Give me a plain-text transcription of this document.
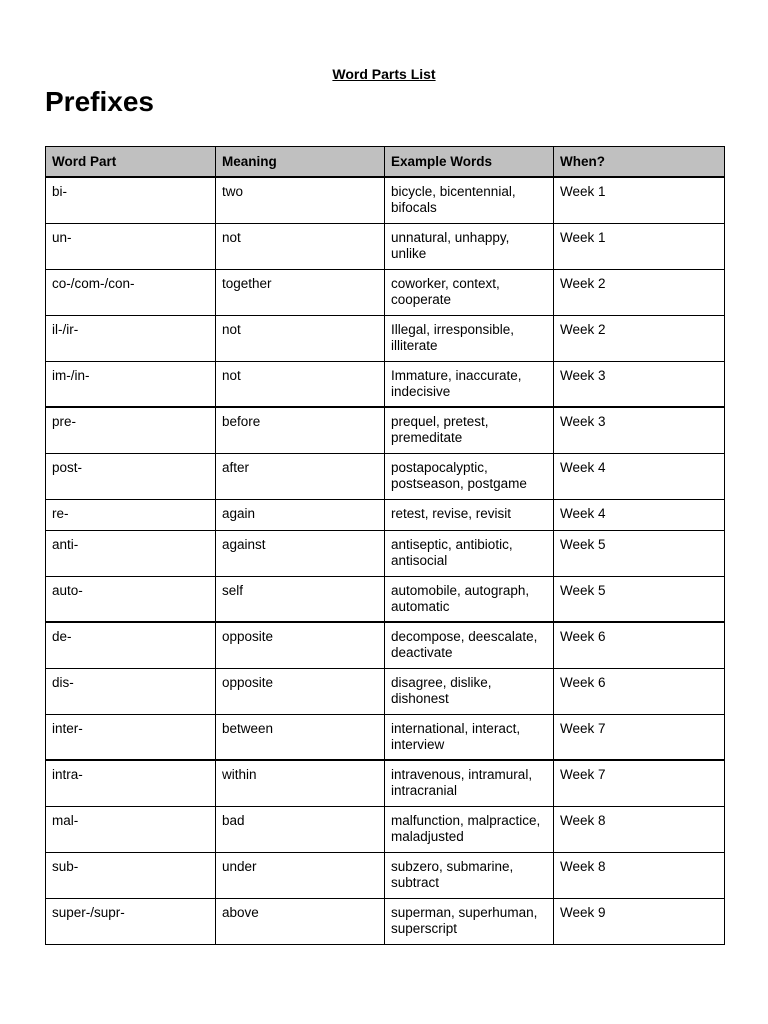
Word Parts List
Prefixes
Word Part	Meaning	Example Words	When?
bi-	two	bicycle, bicentennial, bifocals	Week 1
un-	not	unnatural, unhappy, unlike	Week 1
co-/com-/con-	together	coworker, context, cooperate	Week 2
il-/ir-	not	Illegal, irresponsible, illiterate	Week 2
im-/in-	not	Immature, inaccurate, indecisive	Week 3
pre-	before	prequel, pretest, premeditate	Week 3
post-	after	postapocalyptic, postseason, postgame	Week 4
re-	again	retest, revise, revisit	Week 4
anti-	against	antiseptic, antibiotic, antisocial	Week 5
auto-	self	automobile, autograph, automatic	Week 5
de-	opposite	decompose, deescalate, deactivate	Week 6
dis-	opposite	disagree, dislike, dishonest	Week 6
inter-	between	international, interact, interview	Week 7
intra-	within	intravenous, intramural, intracranial	Week 7
mal-	bad	malfunction, malpractice, maladjusted	Week 8
sub-	under	subzero, submarine, subtract	Week 8
super-/supr-	above	superman, superhuman, superscript	Week 9
